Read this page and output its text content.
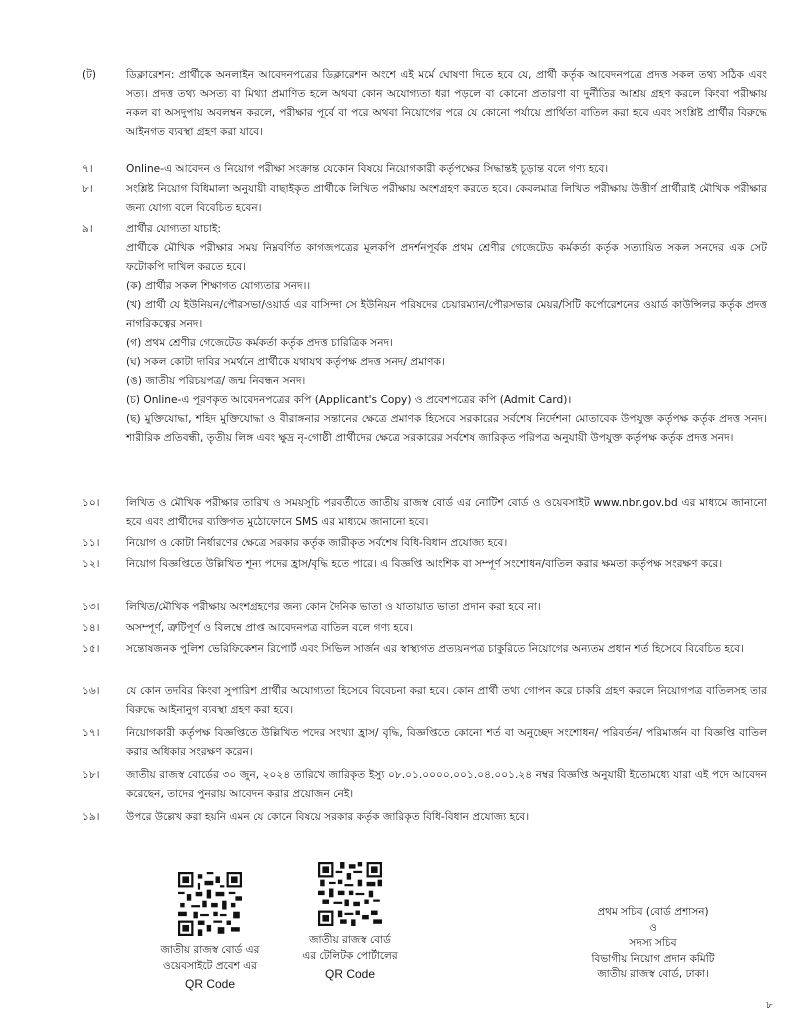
(ট)	ডিক্লারেশন: প্রার্থীকে অনলাইন আবেদনপত্রের ডিক্লারেশন অংশে এই মর্মে ঘোষণা দিতে হবে যে, প্রার্থী কর্তৃক আবেদনপত্রে প্রদত্ত সকল তথ্য সঠিক এবং সত্য। প্রদত্ত তথ্য অসত্য বা মিথ্যা প্রমাণিত হলে অথবা কোন অযোগ্যতা ধরা পড়লে বা কোনো প্রতারণা বা দুর্নীতির আশ্রয় গ্রহণ করলে কিংবা পরীক্ষায় নকল বা অসদুপায় অবলম্বন করলে, পরীক্ষার পূর্বে বা পরে অথবা নিয়োগের পরে যে কোনো পর্যায়ে প্রার্থিতা বাতিল করা হবে এবং সংশ্লিষ্ট প্রার্থীর বিরুদ্ধে আইনগত ব্যবস্থা গ্রহণ করা যাবে।
৭।	Online-এ আবেদন ও নিয়োগ পরীক্ষা সংক্রান্ত যেকোন বিষয়ে নিয়োগকারী কর্তৃপক্ষের সিদ্ধান্তই চূড়ান্ত বলে গণ্য হবে।
৮।	সংশ্লিষ্ট নিয়োগ বিধিমালা অনুযায়ী বাছাইকৃত প্রার্থীকে লিখিত পরীক্ষায় অংশগ্রহণ করতে হবে। কেবলমাত্র লিখিত পরীক্ষায় উত্তীর্ণ প্রার্থীরাই মৌখিক পরীক্ষার জন্য যোগ্য বলে বিবেচিত হবেন।
৯।	প্রার্থীর যোগ্যতা যাচাই:
প্রার্থীকে মৌখিক পরীক্ষার সময় নিম্নবর্ণিত কাগজপত্রের মূলকপি প্রদর্শনপূর্বক প্রথম শ্রেণীর গেজেটেড কর্মকর্তা কর্তৃক সত্যায়িত সকল সনদের এক সেট ফটোকপি দাখিল করতে হবে।
(ক) প্রার্থীর সকল শিক্ষাগত যোগ্যতার সনদ।।
(খ) প্রার্থী যে ইউনিয়ন/পৌরসভা/ওয়ার্ড এর বাসিন্দা সে ইউনিয়ন পরিষদের চেয়ারম্যান/পৌরসভার মেয়র/সিটি কর্পোরেশনের ওয়ার্ড কাউন্সিলর কর্তৃক প্রদত্ত নাগরিকত্বের সনদ।
(গ) প্রথম শ্রেণীর গেজেটেড কর্মকর্তা কর্তৃক প্রদত্ত চারিত্রিক সনদ।
(ঘ) সকল কোটা দাবির সমর্থনে প্রার্থীকে যথাযথ কর্তৃপক্ষ প্রদত্ত সনদ/ প্রমাণক।
(ঙ) জাতীয় পরিচয়পত্র/ জন্ম নিবন্ধন সনদ।
(চ) Online-এ পূরণকৃত আবেদনপত্রের কপি (Applicant's Copy) ও প্রবেশপত্রের কপি (Admit Card)।
(ছ) মুক্তিযোদ্ধা, শহিদ মুক্তিযোদ্ধা ও বীরাঙ্গনার সন্তানের ক্ষেত্রে প্রমাণক হিসেবে সরকারের সর্বশেষ নির্দেশনা মোতাবেক উপযুক্ত কর্তৃপক্ষ কর্তৃক প্রদত্ত সনদ। শারীরিক প্রতিবন্ধী, তৃতীয় লিঙ্গ এবং ক্ষুদ্র নৃ-গোষ্ঠী প্রার্থীদের ক্ষেত্রে সরকারের সর্বশেষ জারিকৃত পরিপত্র অনুযায়ী উপযুক্ত কর্তৃপক্ষ কর্তৃক প্রদত্ত সনদ।
১০।	লিখিত ও মৌখিক পরীক্ষার তারিখ ও সময়সূচি পরবর্তীতে জাতীয় রাজস্ব বোর্ড এর নোটিশ বোর্ড ও ওয়েবসাইট www.nbr.gov.bd এর মাধ্যমে জানানো হবে এবং প্রার্থীদের ব্যক্তিগত মুঠোফোনে SMS এর মাধ্যমে জানানো হবে।
১১।	নিয়োগ ও কোটা নির্ধারণের ক্ষেত্রে সরকার কর্তৃক জারীকৃত সর্বশেষ বিধি-বিধান প্রযোজ্য হবে।
১২।	নিয়োগ বিজ্ঞপ্তিতে উল্লিখিত শূন্য পদের হ্রাস/বৃদ্ধি হতে পারে। এ বিজ্ঞপ্তি আংশিক বা সম্পূর্ণ সংশোধন/বাতিল করার ক্ষমতা কর্তৃপক্ষ সংরক্ষণ করে।
১৩।	লিখিত/মৌখিক পরীক্ষায় অংশগ্রহণের জন্য কোন দৈনিক ভাতা ও যাতায়াত ভাতা প্রদান করা হবে না।
১৪।	অসম্পূর্ণ, ত্রুটিপূর্ণ ও বিলম্বে প্রাপ্ত আবেদনপত্র বাতিল বলে গণ্য হবে।
১৫।	সন্তোষজনক পুলিশ ভেরিফিকেশন রিপোর্ট এবং সিভিল সার্জন এর স্বাস্থ্যগত প্রত্যয়নপত্র চাকুরিতে নিয়োগের অন্যতম প্রধান শর্ত হিসেবে বিবেচিত হবে।
১৬।	যে কোন তদবির কিংবা সুপারিশ প্রার্থীর অযোগ্যতা হিসেবে বিবেচনা করা হবে। কোন প্রার্থী তথ্য গোপন করে চাকরি গ্রহণ করলে নিয়োগপত্র বাতিলসহ তার বিরুদ্ধে আইনানুগ ব্যবস্থা গ্রহণ করা হবে।
১৭।	নিয়োগকারী কর্তৃপক্ষ বিজ্ঞপ্তিতে উল্লিখিত পদের সংখ্যা হ্রাস/ বৃদ্ধি, বিজ্ঞপ্তিতে কোনো শর্ত বা অনুচ্ছেদ সংশোধন/ পরিবর্তন/ পরিমার্জন বা বিজ্ঞপ্তি বাতিল করার অধিকার সংরক্ষণ করেন।
১৮।	জাতীয় রাজস্ব বোর্ডের ৩০ জুন, ২০২৪ তারিখে জারিকৃত ইস্যু ০৮.০১.০০০০.০০১.০৪.০০১.২৪ নম্বর বিজ্ঞপ্তি অনুযায়ী ইতোমধ্যে যারা এই পদে আবেদন করেছেন, তাদের পুনরায় আবেদন করার প্রয়োজন নেই।
১৯।	উপরে উল্লেখ করা হয়নি এমন যে কোনে বিষয়ে সরকার কর্তৃক জারিকৃত বিধি-বিধান প্রযোজ্য হবে।
জাতীয় রাজস্ব বোর্ড এর
ওয়েবসাইটে প্রবেশ এর
QR Code
জাতীয় রাজস্ব বোর্ড
এর টেলিটক পোর্টালের
QR Code
প্রথম সচিব (বোর্ড প্রশাসন)
ও
সদস্য সচিব
বিভাগীয় নিয়োগ প্রদান কমিটি
জাতীয় রাজস্ব বোর্ড, ঢাকা।
৮
